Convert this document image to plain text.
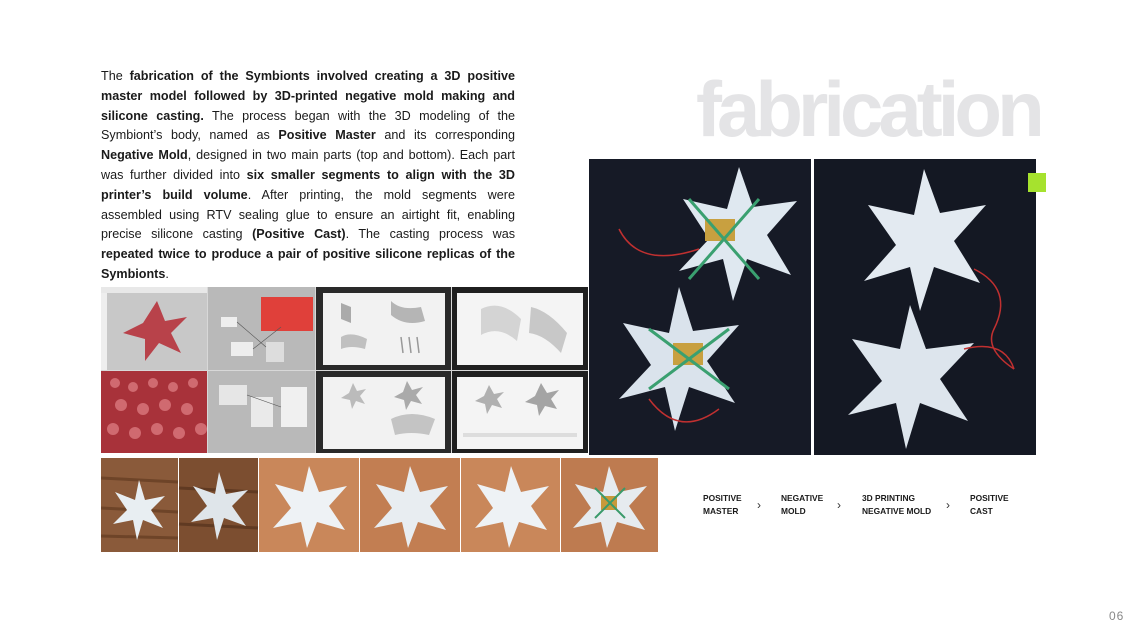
fabrication
The fabrication of the Symbionts involved creating a 3D positive master model followed by 3D-printed negative mold making and silicone casting. The process began with the 3D modeling of the Symbiont’s body, named as Positive Master and its corresponding Negative Mold, designed in two main parts (top and bottom). Each part was further divided into six smaller segments to align with the 3D printer’s build volume. After printing, the mold segments were assembled using RTV sealing glue to ensure an airtight fit, enabling precise silicone casting (Positive Cast). The casting process was repeated twice to produce a pair of positive silicone replicas of the Symbionts.
POSITIVE
MASTER	› NEGATIVE
MOLD	›	3D PRINTING
NEGATIVE MOLD	› POSITIVE
CAST
06
